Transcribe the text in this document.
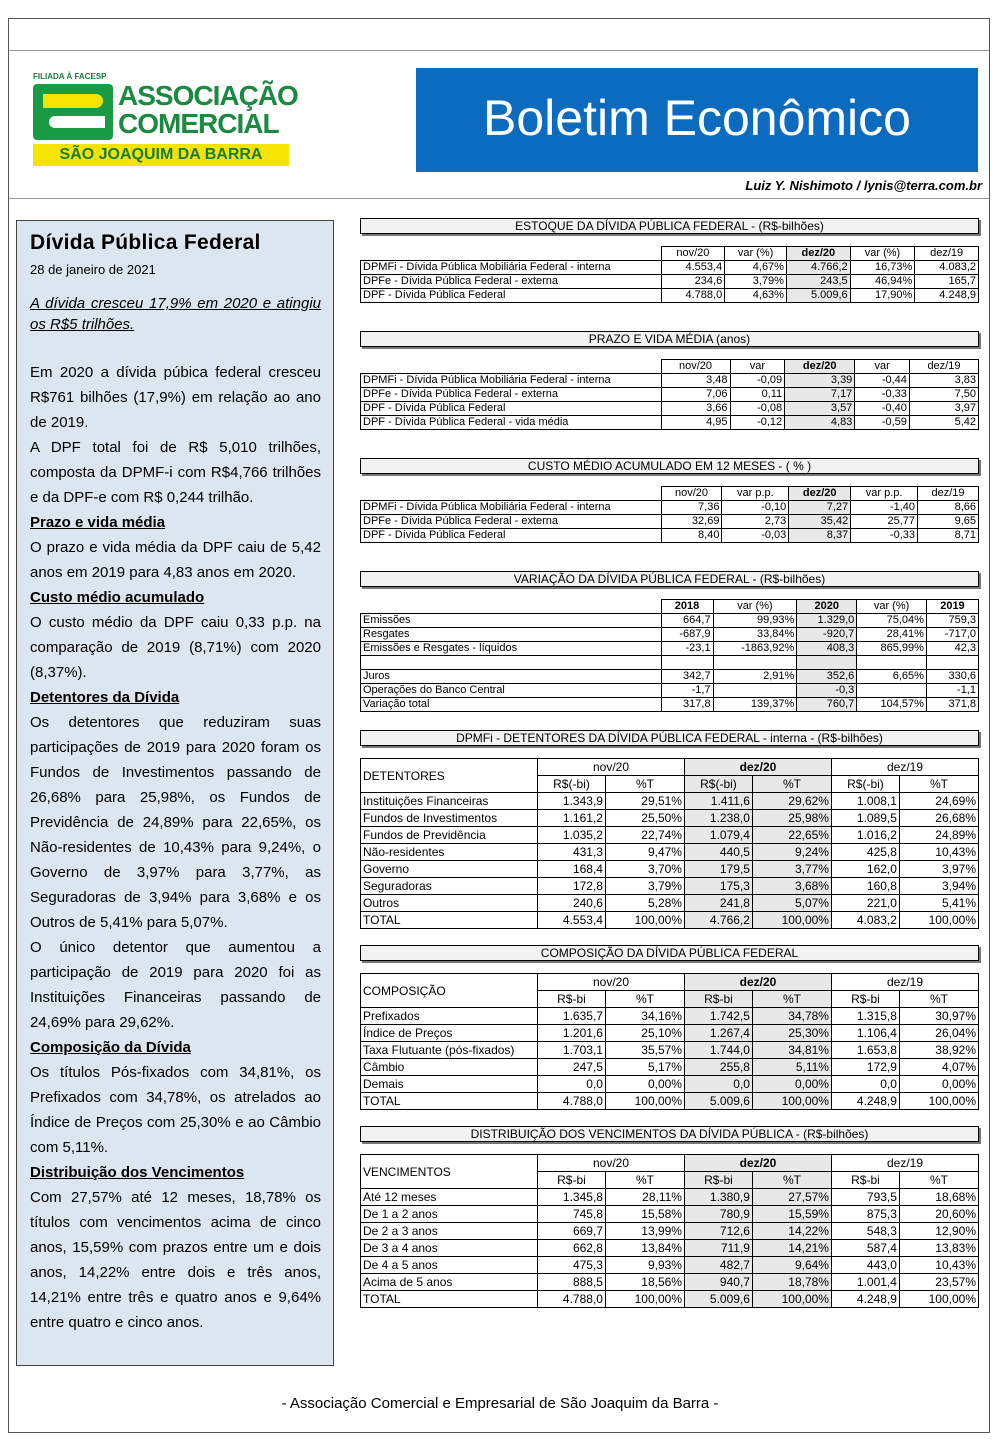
FILIADA À FACESP
ASSOCIAÇÃO
COMERCIAL
SÃO JOAQUIM DA BARRA
Boletim Econômico
Luiz Y. Nishimoto / lynis@terra.com.br
Dívida Pública Federal
28 de janeiro de 2021
A dívida cresceu 17,9% em 2020 e atingiu os R$5 trilhões.

Em 2020 a dívida púbica federal cresceu R$761 bilhões (17,9%) em relação ao ano de 2019.

A DPF total foi de R$ 5,010 trilhões, composta da DPMF-i com R$4,766 trilhões e da DPF-e com R$ 0,244 trilhão.

Prazo e vida média

O prazo e vida média da DPF caiu de 5,42 anos em 2019 para 4,83 anos em 2020.

Custo médio acumulado

O custo médio da DPF caiu 0,33 p.p. na comparação de 2019 (8,71%) com 2020 (8,37%).

Detentores da Dívida

Os detentores que reduziram suas participações de 2019 para 2020 foram os Fundos de Investimentos passando de 26,68% para 25,98%, os Fundos de Previdência de 24,89% para 22,65%, os Não-residentes de 10,43% para 9,24%, o Governo de 3,97% para 3,77%, as Seguradoras de 3,94% para 3,68% e os Outros de 5,41% para 5,07%.

O único detentor que aumentou a participação de 2019 para 2020 foi as Instituições Financeiras passando de 24,69% para 29,62%.

Composição da Dívida

Os títulos Pós-fixados com 34,81%, os Prefixados com 34,78%, os atrelados ao Índice de Preços com 25,30% e ao Câmbio com 5,11%.

Distribuição dos Vencimentos

Com 27,57% até 12 meses, 18,78% os títulos com vencimentos acima de cinco anos, 15,59% com prazos entre um e dois anos, 14,22% entre dois e três anos, 14,21% entre três e quatro anos e 9,64% entre quatro e cinco anos.

ESTOQUE DA DÍVIDA PÚBLICA FEDERAL - (R$-bilhões)
	nov/20	var (%)	dez/20	var (%)	dez/19
DPMFi - Dívida Pública Mobiliária Federal - interna	4.553,4	4,67%	4.766,2	16,73%	4.083,2
DPFe - Dívida Pública Federal - externa	234,6	3,79%	243,5	46,94%	165,7
DPF - Dívida Pública Federal	4.788,0	4,63%	5.009,6	17,90%	4.248,9
PRAZO E VIDA MÉDIA (anos)
	nov/20	var	dez/20	var	dez/19
DPMFi - Dívida Pública Mobiliária Federal - interna	3,48	-0,09	3,39	-0,44	3,83
DPFe - Dívida Pública Federal - externa	7,06	0,11	7,17	-0,33	7,50
DPF - Dívida Pública Federal	3,66	-0,08	3,57	-0,40	3,97
DPF - Dívida Pública Federal - vida média	4,95	-0,12	4,83	-0,59	5,42
CUSTO MÉDIO ACUMULADO EM 12 MESES - ( % )
	nov/20	var p.p.	dez/20	var p.p.	dez/19
DPMFi - Dívida Pública Mobiliária Federal - interna	7,36	-0,10	7,27	-1,40	8,66
DPFe - Dívida Pública Federal - externa	32,69	2,73	35,42	25,77	9,65
DPF - Dívida Pública Federal	8,40	-0,03	8,37	-0,33	8,71
VARIAÇÃO DA DÍVIDA PÚBLICA FEDERAL - (R$-bilhões)
	2018	var (%)	2020	var (%)	2019
Emissões	664,7	99,93%	1.329,0	75,04%	759,3
Resgates	-687,9	33,84%	-920,7	28,41%	-717,0
Emissões e Resgates - líquidos	-23,1	-1863,92%	408,3	865,99%	42,3

Juros	342,7	2,91%	352,6	6,65%	330,6
Operações do Banco Central	-1,7		-0,3		-1,1
Variação total	317,8	139,37%	760,7	104,57%	371,8
DPMFi - DETENTORES DA DÍVIDA PÚBLICA FEDERAL - interna - (R$-bilhões)
DETENTORES	nov/20		dez/20		dez/19	
	R$(-bi)	%T	R$(-bi)	%T	R$(-bi)	%T
Instituições Financeiras	1.343,9	29,51%	1.411,6	29,62%	1.008,1	24,69%
Fundos de Investimentos	1.161,2	25,50%	1.238,0	25,98%	1.089,5	26,68%
Fundos de Previdência	1.035,2	22,74%	1.079,4	22,65%	1.016,2	24,89%
Não-residentes	431,3	9,47%	440,5	9,24%	425,8	10,43%
Governo	168,4	3,70%	179,5	3,77%	162,0	3,97%
Seguradoras	172,8	3,79%	175,3	3,68%	160,8	3,94%
Outros	240,6	5,28%	241,8	5,07%	221,0	5,41%
TOTAL	4.553,4	100,00%	4.766,2	100,00%	4.083,2	100,00%
COMPOSIÇÃO DA DÍVIDA PÚBLICA FEDERAL
COMPOSIÇÃO	nov/20		dez/20		dez/19	
	R$-bi	%T	R$-bi	%T	R$-bi	%T
Prefixados	1.635,7	34,16%	1.742,5	34,78%	1.315,8	30,97%
Índice de Preços	1.201,6	25,10%	1.267,4	25,30%	1.106,4	26,04%
Taxa Flutuante (pós-fixados)	1.703,1	35,57%	1.744,0	34,81%	1.653,8	38,92%
Câmbio	247,5	5,17%	255,8	5,11%	172,9	4,07%
Demais	0,0	0,00%	0,0	0,00%	0,0	0,00%
TOTAL	4.788,0	100,00%	5.009,6	100,00%	4.248,9	100,00%
DISTRIBUIÇÃO DOS VENCIMENTOS DA DÍVIDA PÚBLICA - (R$-bilhões)
VENCIMENTOS	nov/20		dez/20		dez/19	
	R$-bi	%T	R$-bi	%T	R$-bi	%T
Até 12 meses	1.345,8	28,11%	1.380,9	27,57%	793,5	18,68%
De 1 a 2 anos	745,8	15,58%	780,9	15,59%	875,3	20,60%
De 2 a 3 anos	669,7	13,99%	712,6	14,22%	548,3	12,90%
De 3 a 4 anos	662,8	13,84%	711,9	14,21%	587,4	13,83%
De 4 a 5 anos	475,3	9,93%	482,7	9,64%	443,0	10,43%
Acima de 5 anos	888,5	18,56%	940,7	18,78%	1.001,4	23,57%
TOTAL	4.788,0	100,00%	5.009,6	100,00%	4.248,9	100,00%
- Associação Comercial e Empresarial de São Joaquim da Barra -
